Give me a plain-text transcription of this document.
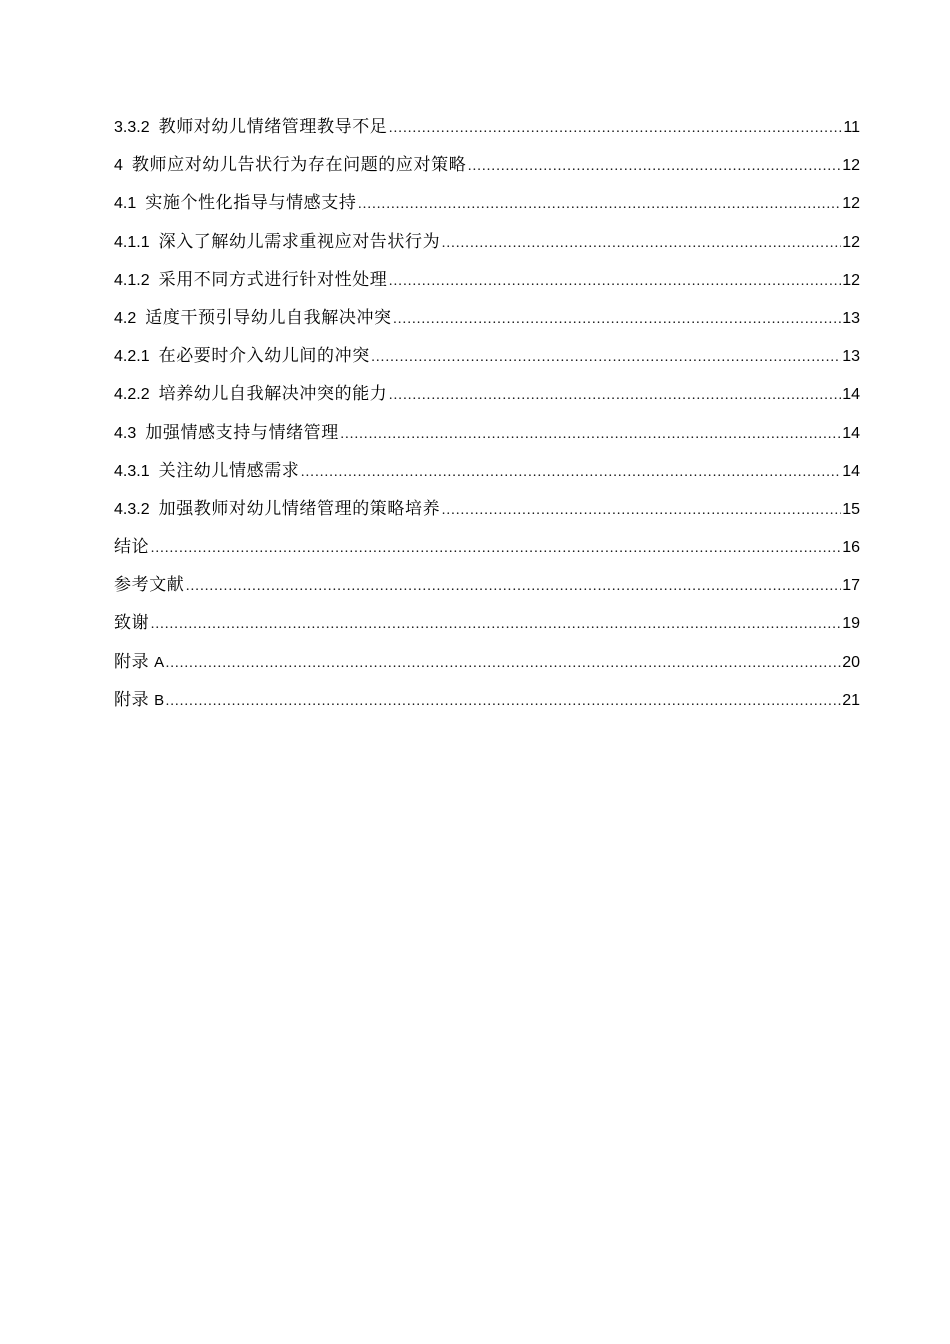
3.3.2 教师对幼儿情绪管理教导不足 ……………………………………………………………………………………………………………………………………………………………………………………………………	11
4 教师应对幼儿告状行为存在问题的应对策略 ……………………………………………………………………………………………………………………………………………………………………………………………………	12
4.1 实施个性化指导与情感支持 ……………………………………………………………………………………………………………………………………………………………………………………………………	12
4.1.1 深入了解幼儿需求重视应对告状行为 ……………………………………………………………………………………………………………………………………………………………………………………………………	12
4.1.2 采用不同方式进行针对性处理 ……………………………………………………………………………………………………………………………………………………………………………………………………	12
4.2 适度干预引导幼儿自我解决冲突 ……………………………………………………………………………………………………………………………………………………………………………………………………	13
4.2.1 在必要时介入幼儿间的冲突 ……………………………………………………………………………………………………………………………………………………………………………………………………	13
4.2.2 培养幼儿自我解决冲突的能力 ……………………………………………………………………………………………………………………………………………………………………………………………………	14
4.3 加强情感支持与情绪管理 ……………………………………………………………………………………………………………………………………………………………………………………………………	14
4.3.1 关注幼儿情感需求 ……………………………………………………………………………………………………………………………………………………………………………………………………	14
4.3.2 加强教师对幼儿情绪管理的策略培养 ……………………………………………………………………………………………………………………………………………………………………………………………………	15
结论 ……………………………………………………………………………………………………………………………………………………………………………………………………	16
参考文献 ……………………………………………………………………………………………………………………………………………………………………………………………………	17
致谢 ……………………………………………………………………………………………………………………………………………………………………………………………………	19
附录 A ……………………………………………………………………………………………………………………………………………………………………………………………………	20
附录 B ……………………………………………………………………………………………………………………………………………………………………………………………………	21
